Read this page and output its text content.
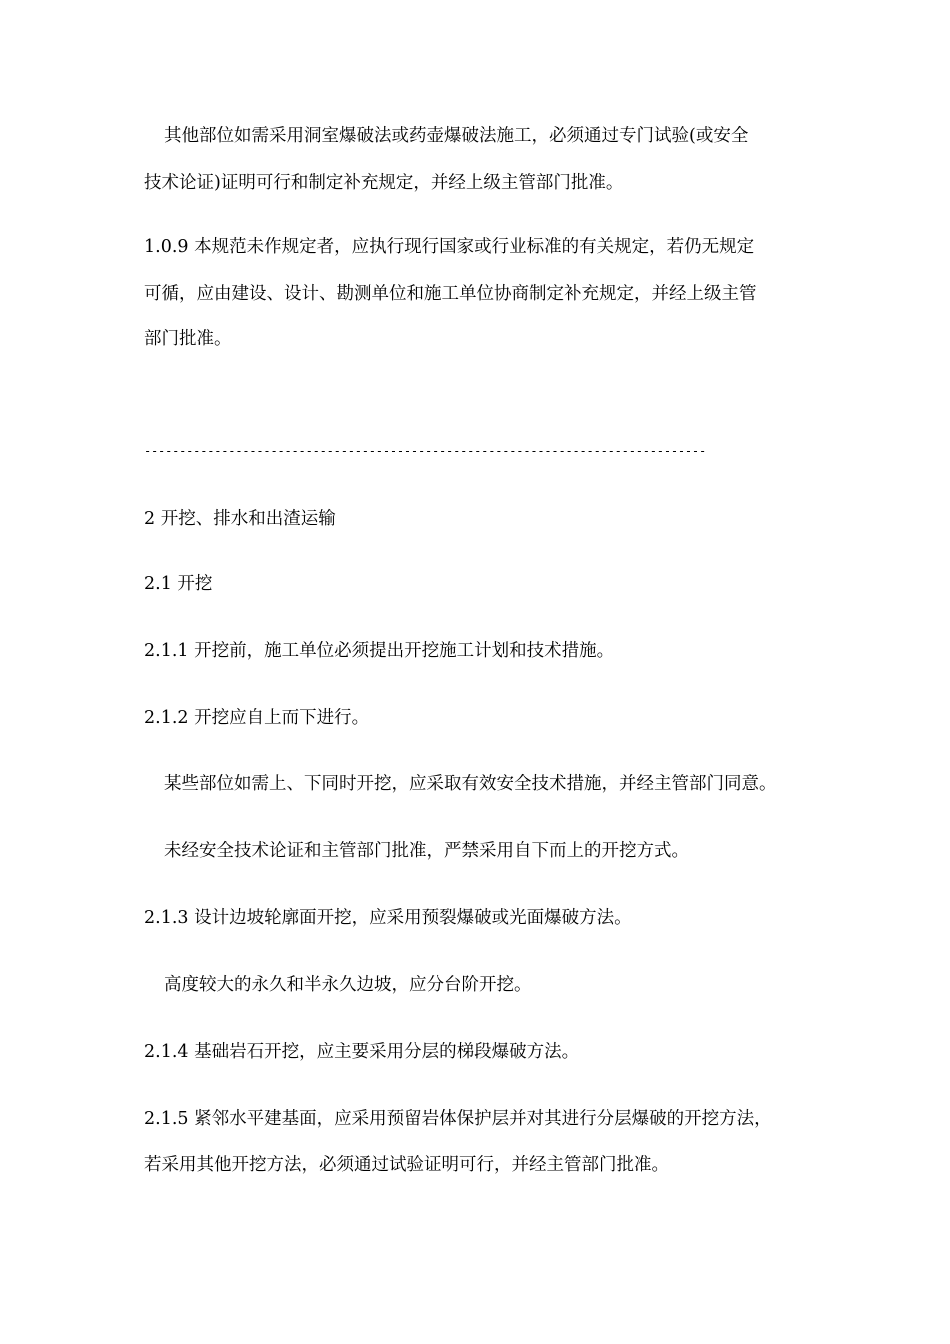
其他部位如需采用洞室爆破法或药壶爆破法施工，必须通过专门试验(或安全
技术论证)证明可行和制定补充规定，并经上级主管部门批准。
1.0.9 本规范未作规定者，应执行现行国家或行业标准的有关规定，若仍无规定
可循，应由建设、设计、勘测单位和施工单位协商制定补充规定，并经上级主管
部门批准。
--------------------------------------------------------------------------------
2 开挖、排水和出渣运输
2.1 开挖
2.1.1 开挖前，施工单位必须提出开挖施工计划和技术措施。
2.1.2 开挖应自上而下进行。
某些部位如需上、下同时开挖，应采取有效安全技术措施，并经主管部门同意。
未经安全技术论证和主管部门批准，严禁采用自下而上的开挖方式。
2.1.3 设计边坡轮廓面开挖，应采用预裂爆破或光面爆破方法。
高度较大的永久和半永久边坡，应分台阶开挖。
2.1.4 基础岩石开挖，应主要采用分层的梯段爆破方法。
2.1.5 紧邻水平建基面，应采用预留岩体保护层并对其进行分层爆破的开挖方法，
若采用其他开挖方法，必须通过试验证明可行，并经主管部门批准。
